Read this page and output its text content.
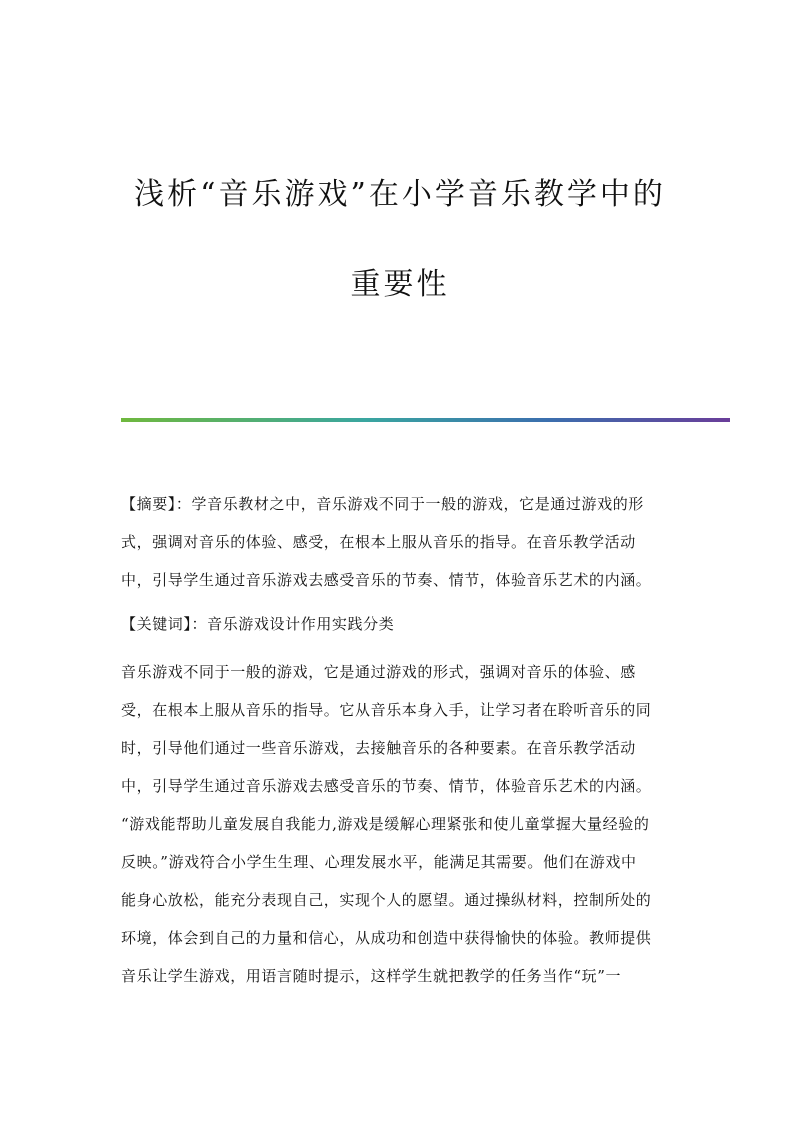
浅析“音乐游戏”在小学音乐教学中的
重要性
【摘要】：学音乐教材之中，音乐游戏不同于一般的游戏，它是通过游戏的形
式，强调对音乐的体验、感受，在根本上服从音乐的指导。在音乐教学活动
中，引导学生通过音乐游戏去感受音乐的节奏、情节，体验音乐艺术的内涵。
【关键词】：音乐游戏设计作用实践分类
音乐游戏不同于一般的游戏，它是通过游戏的形式，强调对音乐的体验、感
受，在根本上服从音乐的指导。它从音乐本身入手，让学习者在聆听音乐的同
时，引导他们通过一些音乐游戏，去接触音乐的各种要素。在音乐教学活动
中，引导学生通过音乐游戏去感受音乐的节奏、情节，体验音乐艺术的内涵。
“游戏能帮助儿童发展自我能力,游戏是缓解心理紧张和使儿童掌握大量经验的
反映。”游戏符合小学生生理、心理发展水平，能满足其需要。他们在游戏中
能身心放松，能充分表现自己，实现个人的愿望。通过操纵材料，控制所处的
环境，体会到自己的力量和信心，从成功和创造中获得愉快的体验。教师提供
音乐让学生游戏，用语言随时提示，这样学生就把教学的任务当作“玩”一
